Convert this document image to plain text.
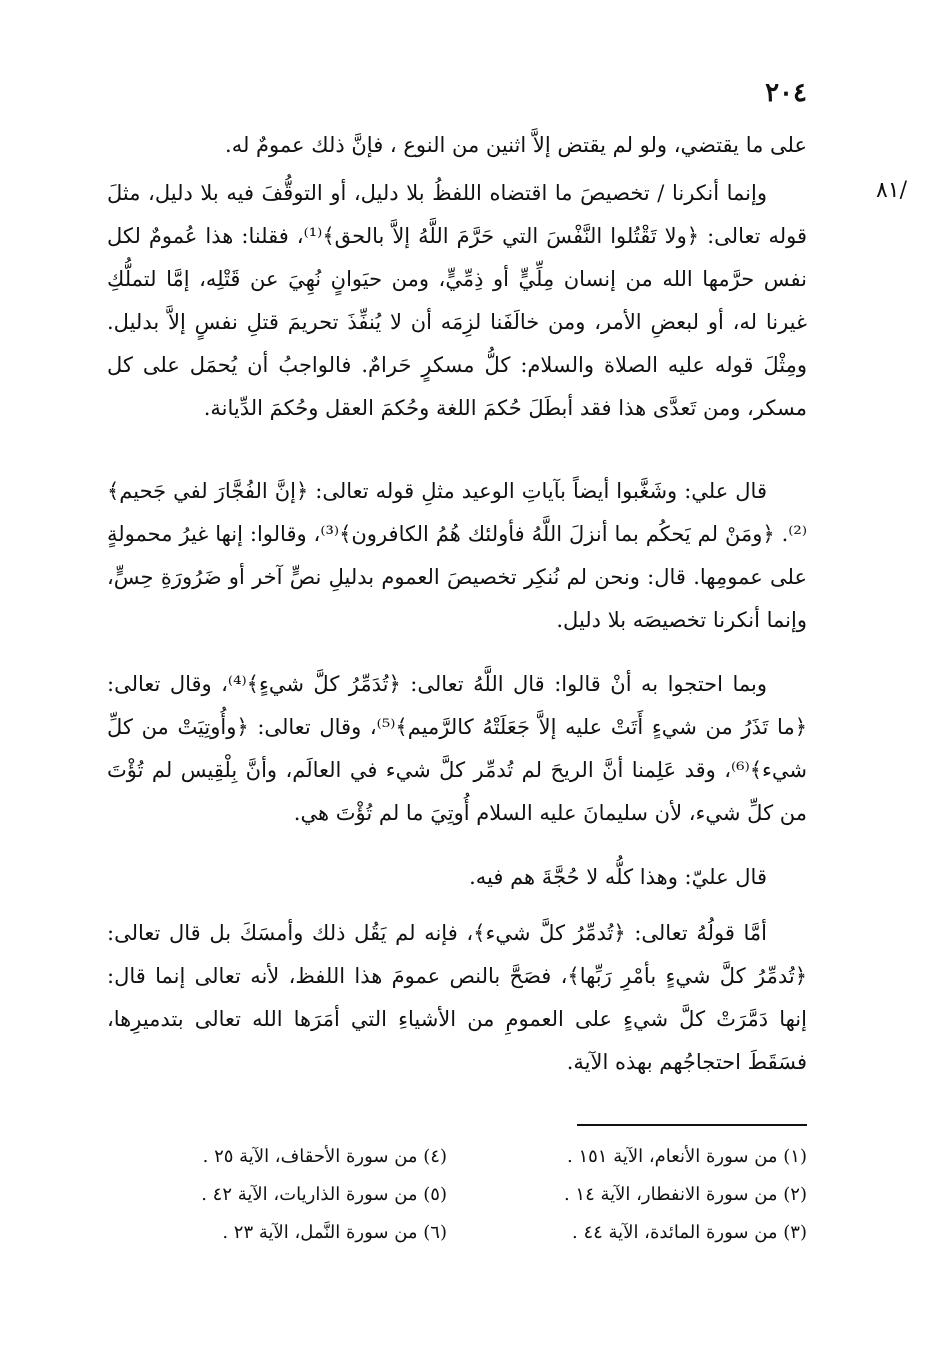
٢٠٤
/٨١

على ما يقتضي، ولو لم يقتض إلاَّ اثنين من النوع ، فإنَّ ذلك عمومٌ له.

وإنما أنكرنا / تخصيصَ ما اقتضاه اللفظُ بلا دليل، أو التوقُّفَ فيه بلا دليل، مثلَ قوله تعالى: ﴿ولا تَقْتُلوا النَّفْسَ التي حَرَّمَ اللَّهُ إلاَّ بالحق﴾⁽¹⁾، فقلنا: هذا عُمومٌ لكل نفس حرَّمها الله من إنسان مِلِّيٍّ أو ذِمِّيٍّ، ومن حيَوانٍ نُهِيَ عن قَتْلِه، إمَّا لتملُّكِ غيرنا له، أو لبعضِ الأمر، ومن خالَفَنا لزِمَه أن لا يُنفِّذَ تحريمَ قتلِ نفسٍ إلاَّ بدليل. ومِثْلَ قوله عليه الصلاة والسلام: كلُّ مسكرٍ حَرامٌ. فالواجبُ أن يُحمَل على كل مسكر، ومن تَعدَّى هذا فقد أبطَلَ حُكمَ اللغة وحُكمَ العقل وحُكمَ الدِّيانة.

قال علي: وشَغَّبوا أيضاً بآياتِ الوعيد مثلِ قوله تعالى: ﴿إنَّ الفُجَّارَ لفي جَحيم﴾⁽²⁾. ﴿ومَنْ لم يَحكُم بما أنزلَ اللَّهُ فأولئك هُمُ الكافرون﴾⁽³⁾، وقالوا: إنها غيرُ محمولةٍ على عمومِها. قال: ونحن لم نُنكِر تخصيصَ العموم بدليلِ نصٍّ آخر أو ضَرُورَةِ حِسٍّ، وإنما أنكرنا تخصيصَه بلا دليل.

وبما احتجوا به أنْ قالوا: قال اللَّهُ تعالى: ﴿تُدَمِّرُ كلَّ شيءٍ﴾⁽⁴⁾، وقال تعالى: ﴿ما تَذَرُ من شيءٍ أَتَتْ عليه إلاَّ جَعَلَتْهُ كالرَّميم﴾⁽⁵⁾، وقال تعالى: ﴿وأُوتِيَتْ من كلِّ شيء﴾⁽⁶⁾، وقد عَلِمنا أنَّ الريحَ لم تُدمِّر كلَّ شيء في العالَم، وأنَّ بِلْقِيس لم تُؤْتَ من كلِّ شيء، لأن سليمانَ عليه السلام أُوتِيَ ما لم تُؤْتَ هي.

قال عليّ: وهذا كلُّه لا حُجَّةَ هم فيه.

أمَّا قولُهُ تعالى: ﴿تُدمِّرُ كلَّ شيء﴾، فإنه لم يَقُل ذلك وأمسَكَ بل قال تعالى: ﴿تُدمِّرُ كلَّ شيءٍ بأمْرِ رَبِّها﴾، فصَحَّ بالنص عمومَ هذا اللفظ، لأنه تعالى إنما قال: إنها دَمَّرَتْ كلَّ شيءٍ على العمومِ من الأشياءِ التي أمَرَها الله تعالى بتدميرِها، فسَقَطَ احتجاجُهم بهذه الآية.

(١) من سورة الأنعام، الآية ١٥١ .
(٢) من سورة الانفطار، الآية ١٤ .
(٣) من سورة المائدة، الآية ٤٤ .
(٤) من سورة الأحقاف، الآية ٢٥ .
(٥) من سورة الذاريات، الآية ٤٢ .
(٦) من سورة النَّمل، الآية ٢٣ .
